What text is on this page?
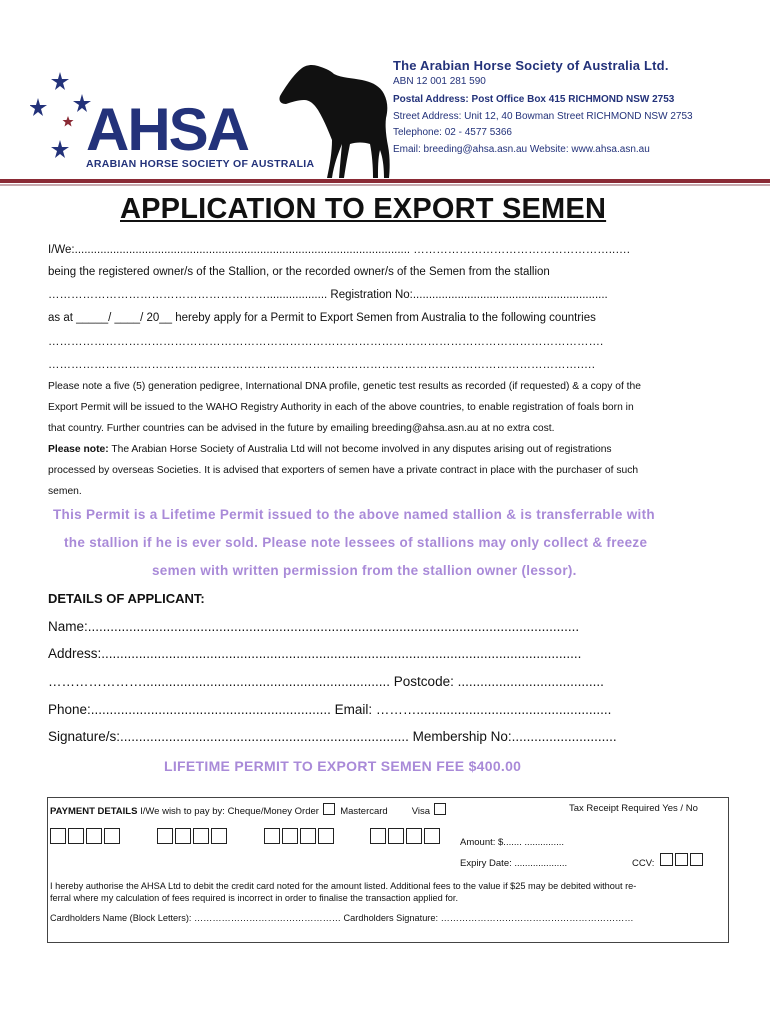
AHSA
ARABIAN HORSE SOCIETY OF AUSTRALIA
The Arabian Horse Society of Australia Ltd.
ABN 12 001 281 590
Postal Address: Post Office Box 415 RICHMOND NSW 2753
Street Address: Unit 12, 40 Bowman Street RICHMOND NSW 2753
Telephone: 02 - 4577 5366
Email: breeding@ahsa.asn.au Website: www.ahsa.asn.au
APPLICATION TO EXPORT SEMEN
I/We:......................................................................................................... ……………………………………………..….
being the registered owner/s of the Stallion, or the recorded owner/s of the Semen from the stallion
…………………………………………………................... Registration No:.............................................................
as at _____/ ____/ 20__ hereby apply for a Permit to Export Semen from Australia to the following countries
……………………………………………………………………………………………………………………………….
………………………………………………………………………………………………………………………….….
Please note a five (5) generation pedigree, International DNA profile, genetic test results as recorded (if requested) & a copy of the
Export Permit will be issued to the WAHO Registry Authority in each of the above countries, to enable registration of foals born in
that country. Further countries can be advised in the future by emailing breeding@ahsa.asn.au at no extra cost.
Please note: The Arabian Horse Society of Australia Ltd will not become involved in any disputes arising out of registrations
processed by overseas Societies. It is advised that exporters of semen have a private contract in place with the purchaser of such
semen.
This Permit is a Lifetime Permit issued to the above named stallion & is transferrable with
the stallion if he is ever sold. Please note lessees of stallions may only collect & freeze
semen with written permission from the stallion owner (lessor).
DETAILS OF APPLICANT:
Name:...................................................................................................................................
Address:................................................................................................................................
………………….................................................................. Postcode: .......................................
Phone:................................................................ Email: ………....................................................
Signature/s:............................................................................. Membership No:............................
LIFETIME PERMIT TO EXPORT SEMEN FEE $400.00
PAYMENT DETAILS I/We wish to pay by: Cheque/Money Order Mastercard	Visa	Tax Receipt Required Yes / No
Amount: $....... ...............
Expiry Date: ....................	CCV:
I hereby authorise the AHSA Ltd to debit the credit card noted for the amount listed. Additional fees to the value if $25 may be debited without re-
ferral where my calculation of fees required is incorrect in order to finalise the transaction applied for.
Cardholders Name (Block Letters): ………………………………………… Cardholders Signature: ………………………………………………………
